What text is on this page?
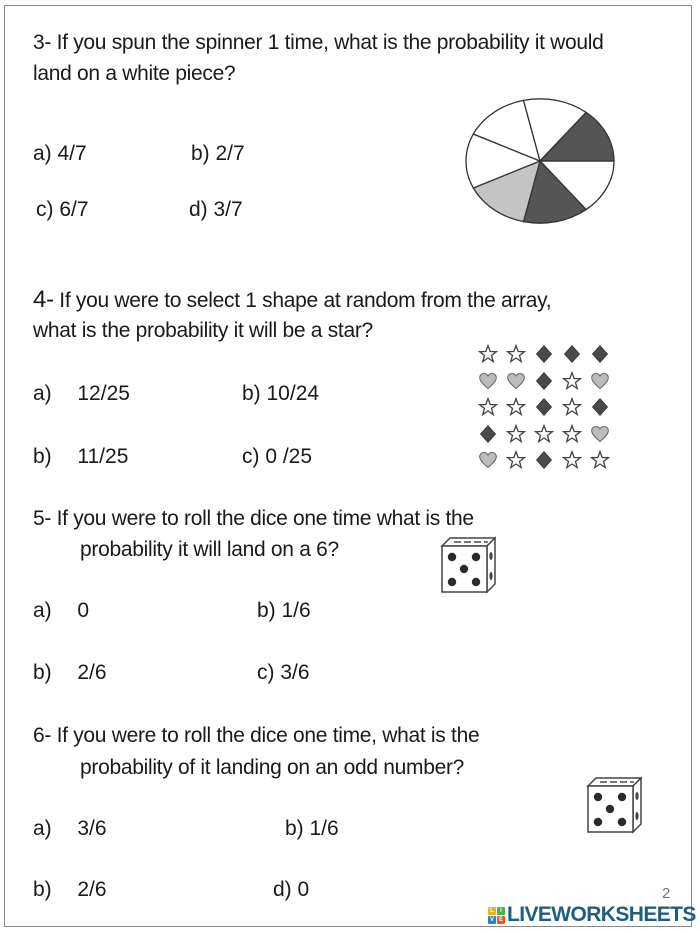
3- If you spun the spinner 1 time, what is the probability it would
land on a white piece?
a) 4/7	b) 2/7
c) 6/7	d) 3/7
4- If you were to select 1 shape at random from the array,
what is the probability it will be a star?
a) 12/25	b) 10/24
b) 11/25	c) 0 /25
5- If you were to roll the dice one time what is the
probability it will land on a 6?
a) 0	b) 1/6
b) 2/6	c) 3/6
6- If you were to roll the dice one time, what is the
probability of it landing on an odd number?
a) 3/6	b) 1/6
b) 2/6	d) 0	2
L	I
V E LIVEWORKSHEETS
